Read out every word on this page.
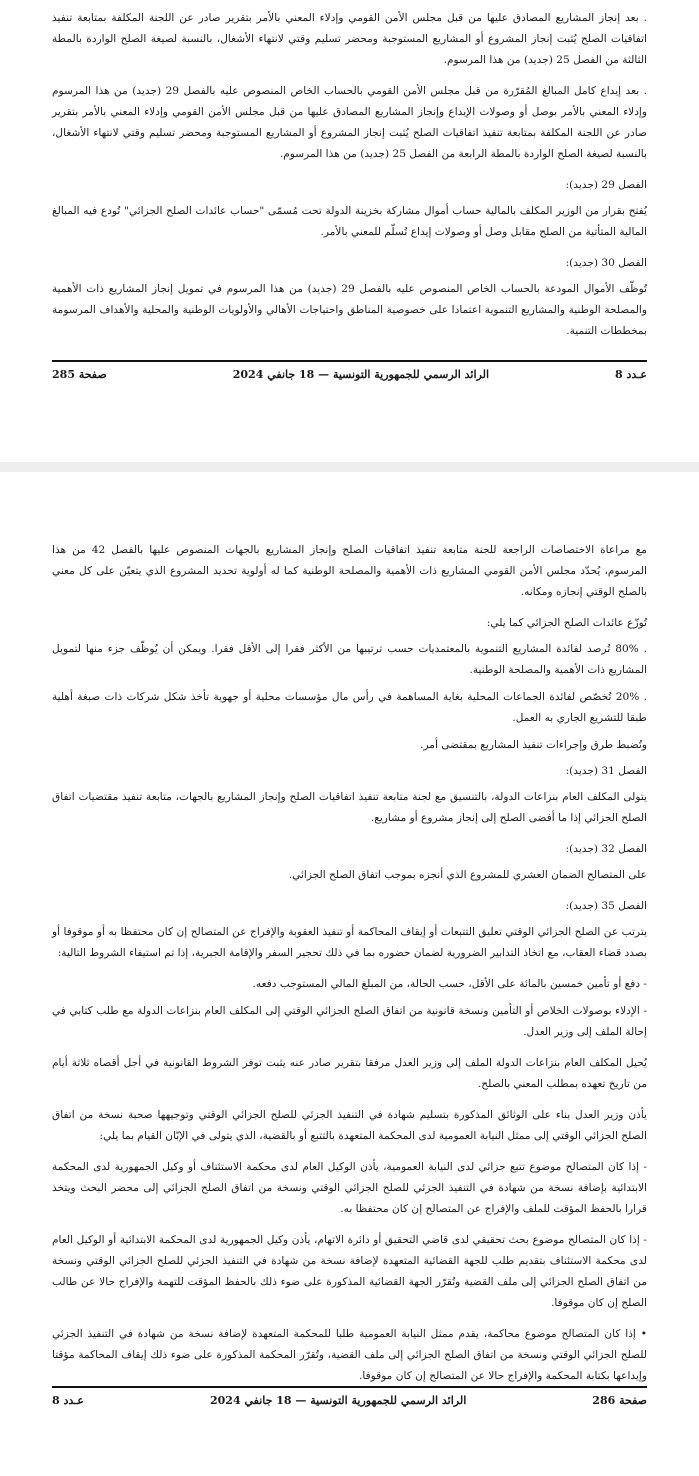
. بعد إنجاز المشاريع المصادق عليها من قبل مجلس الأمن القومي وإدلاء المعني بالأمر بتقرير صادر عن اللجنة المكلفة بمتابعة تنفيذ اتفاقيات الصلح يُثبت إنجاز المشروع أو المشاريع المستوجبة ومحضر تسليم وقتي لانتهاء الأشغال، بالنسبة لصيغة الصلح الواردة بالمطة الثالثة من الفصل 25 (جديد) من هذا المرسوم.

. بعد إيداع كامل المبالغ المُقرّرة من قبل مجلس الأمن القومي بالحساب الخاص المنصوص عليه بالفصل 29 (جديد) من هذا المرسوم وإدلاء المعني بالأمر بوصل أو وصولات الإيداع وإنجاز المشاريع المصادق عليها من قبل مجلس الأمن القومي وإدلاء المعني بالأمر بتقرير صادر عن اللجنة المكلفة بمتابعة تنفيذ اتفاقيات الصلح يُثبت إنجاز المشروع أو المشاريع المستوجبة ومحضر تسليم وقتي لانتهاء الأشغال، بالنسبة لصيغة الصلح الواردة بالمطة الرابعة من الفصل 25 (جديد) من هذا المرسوم.

الفصل 29 (جديد):

يُفتح بقرار من الوزير المكلف بالمالية حساب أموال مشاركة بخزينة الدولة تحت مُسمّى "حساب عائدات الصلح الجزائي" تُودع فيه المبالغ المالية المتأتية من الصلح مقابل وصل أو وصولات إيداع تُسلّم للمعني بالأمر.

الفصل 30 (جديد):

تُوظّف الأموال المودعة بالحساب الخاص المنصوص عليه بالفصل 29 (جديد) من هذا المرسوم في تمويل إنجاز المشاريع ذات الأهمية والمصلحة الوطنية والمشاريع التنموية اعتمادا على خصوصية المناطق واحتياجات الأهالي والأولويات الوطنية والمحلية والأهداف المرسومة بمخططات التنمية.

عـدد 8
الرائد الرسمي للجمهورية التونسية — 18 جانفي 2024
صفحة 285

مع مراعاة الاختصاصات الراجعة للجنة متابعة تنفيذ اتفاقيات الصلح وإنجاز المشاريع بالجهات المنصوص عليها بالفصل 42 من هذا المرسوم، يُحدّد مجلس الأمن القومي المشاريع ذات الأهمية والمصلحة الوطنية كما له أولوية تحديد المشروع الذي يتعيّن على كل معني بالصلح الوقتي إنجازه ومكانه.

تُوزّع عائدات الصلح الجزائي كما يلي:

. 80% تُرصد لفائدة المشاريع التنموية بالمعتمديات حسب ترتيبها من الأكثر فقرا إلى الأقل فقرا. ويمكن أن يُوظّف جزء منها لتمويل المشاريع ذات الأهمية والمصلحة الوطنية.

. 20% تُخصّص لفائدة الجماعات المحلية بغاية المساهمة في رأس مال مؤسسات محلية أو جهوية تأخذ شكل شركات ذات صبغة أهلية طبقا للتشريع الجاري به العمل.

وتُضبط طرق وإجراءات تنفيذ المشاريع بمقتضى أمر.

الفصل 31 (جديد):

يتولى المكلف العام بنزاعات الدولة، بالتنسيق مع لجنة متابعة تنفيذ اتفاقيات الصلح وإنجاز المشاريع بالجهات، متابعة تنفيذ مقتضيات اتفاق الصلح الجزائي إذا ما أفضى الصلح إلى إنجاز مشروع أو مشاريع.

الفصل 32 (جديد):

على المتصالح الضمان العشري للمشروع الذي أنجزه بموجب اتفاق الصلح الجزائي.

الفصل 35 (جديد):

يترتب عن الصلح الجزائي الوقتي تعليق التتبعات أو إيقاف المحاكمة أو تنفيذ العقوبة والإفراج عن المتصالح إن كان محتفظا به أو موقوفا أو بصدد قضاء العقاب، مع اتخاذ التدابير الضرورية لضمان حضوره بما في ذلك تحجير السفر والإقامة الجبرية، إذا تم استيفاء الشروط التالية:

- دفع أو تأمين خمسين بالمائة على الأقل، حسب الحالة، من المبلغ المالي المستوجب دفعه.

- الإدلاء بوصولات الخلاص أو التأمين ونسخة قانونية من اتفاق الصلح الجزائي الوقتي إلى المكلف العام بنزاعات الدولة مع طلب كتابي في إحالة الملف إلى وزير العدل.

يُحيل المكلف العام بنزاعات الدولة الملف إلى وزير العدل مرفقا بتقرير صادر عنه يثبت توفر الشروط القانونية في أجل أقصاه ثلاثة أيام من تاريخ تعهده بمطلب المعني بالصلح.

يأذن وزير العدل بناء على الوثائق المذكورة بتسليم شهادة في التنفيذ الجزئي للصلح الجزائي الوقتي وتوجيهها صحبة نسخة من اتفاق الصلح الجزائي الوقتي إلى ممثل النيابة العمومية لدى المحكمة المتعهدة بالتتبع أو بالقضية، الذي يتولى في الإبّان القيام بما يلي:

- إذا كان المتصالح موضوع تتبع جزائي لدى النيابة العمومية، يأذن الوكيل العام لدى محكمة الاستئناف أو وكيل الجمهورية لدى المحكمة الابتدائية بإضافة نسخة من شهادة في التنفيذ الجزئي للصلح الجزائي الوقتي ونسخة من اتفاق الصلح الجزائي إلى محضر البحث ويتخذ قرارا بالحفظ المؤقت للملف والإفراج عن المتصالح إن كان محتفظا به.

- إذا كان المتصالح موضوع بحث تحقيقي لدى قاضي التحقيق أو دائرة الاتهام، يأذن وكيل الجمهورية لدى المحكمة الابتدائية أو الوكيل العام لدى محكمة الاستئناف بتقديم طلب للجهة القضائية المتعهدة لإضافة نسخة من شهادة في التنفيذ الجزئي للصلح الجزائي الوقتي ونسخة من اتفاق الصلح الجزائي إلى ملف القضية وتُقرّر الجهة القضائية المذكورة على ضوء ذلك بالحفظ المؤقت للتهمة والإفراج حالا عن طالب الصلح إن كان موقوفا.

• إذا كان المتصالح موضوع محاكمة، يقدم ممثل النيابة العمومية طلبا للمحكمة المتعهدة لإضافة نسخة من شهادة في التنفيذ الجزئي للصلح الجزائي الوقتي ونسخة من اتفاق الصلح الجزائي إلى ملف القضية، وتُقرّر المحكمة المذكورة على ضوء ذلك إيقاف المحاكمة مؤقتا وإيداعها بكتابة المحكمة والإفراج حالا عن المتصالح إن كان موقوفا.

صفحة 286
الرائد الرسمي للجمهورية التونسية — 18 جانفي 2024
عـدد 8
